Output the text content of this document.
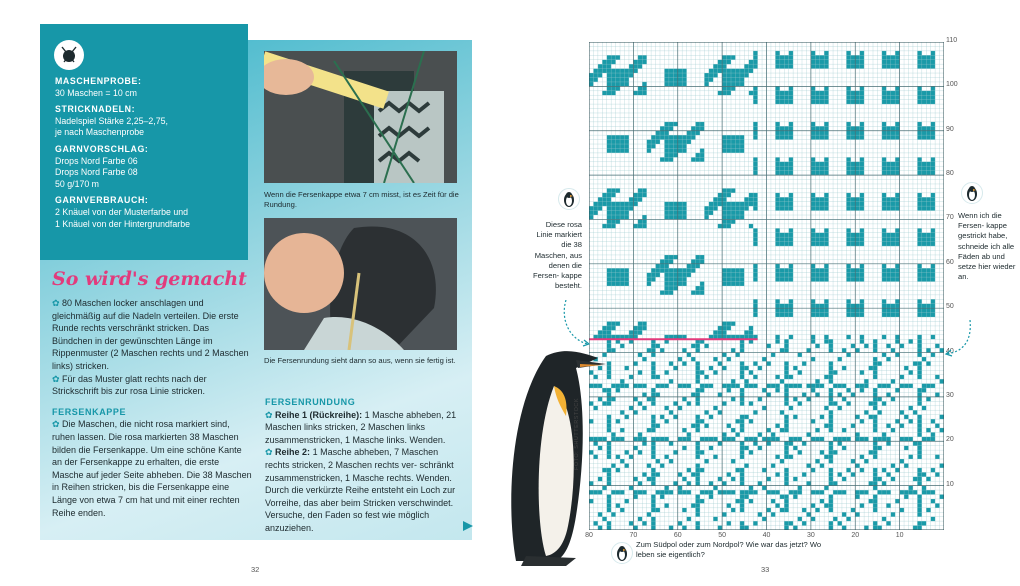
MASCHENPROBE:
30 Maschen = 10 cm
STRICKNADELN:
Nadelspiel Stärke 2,25–2,75,
je nach Maschenprobe
GARNVORSCHLAG:
Drops Nord Farbe 06
Drops Nord Farbe 08
50 g/170 m
GARNVERBRAUCH:
2 Knäuel von der Musterfarbe und
1 Knäuel von der Hintergrundfarbe
So wird's gemacht

✿ 80 Maschen locker anschlagen und gleichmäßig auf die Nadeln verteilen. Die erste Runde rechts verschränkt stricken. Das Bündchen in der gewünschten Länge im Rippenmuster (2 Maschen rechts und 2 Maschen links) stricken.

✿ Für das Muster glatt rechts nach der Strickschrift bis zur rosa Linie stricken.

FERSENKAPPE

✿ Die Maschen, die nicht rosa markiert sind, ruhen lassen. Die rosa markierten 38 Maschen bilden die Fersenkappe. Um eine schöne Kante an der Fersenkappe zu erhalten, die erste Masche auf jeder Seite abheben. Die 38 Maschen in Reihen stricken, bis die Fersenkappe eine Länge von etwa 7 cm hat und mit einer rechten Reihe enden.

Wenn die Fersenkappe etwa 7 cm misst, ist es Zeit für die Rundung.
Die Fersenrundung sieht dann so aus, wenn sie fertig ist.
FERSENRUNDUNG

✿ Reihe 1 (Rückreihe): 1 Masche abheben, 21 Maschen links stricken, 2 Maschen links zusammenstricken, 1 Masche links. Wenden.

✿ Reihe 2: 1 Masche abheben, 7 Maschen rechts stricken, 2 Maschen rechts ver- schränkt zusammenstricken, 1 Masche rechts. Wenden. Durch die verkürzte Reihe entsteht ein Loch zur Vorreihe, das aber beim Stricken verschwindet. Versuche, den Faden so fest wie möglich anzuziehen.

32
110
100
90
80
70
60
50
40
30
20
10
80	70	60	50	40	30	20	10
Diese rosa Linie markiert die 38 Maschen, aus denen die Fersen- kappe besteht.
Wenn ich die Fersen- kappe gestrickt habe, schneide ich alle Fäden ab und setze hier wieder an.
Zum Südpol oder zum Nordpol? Wie war das jetzt? Wo leben sie eigentlich?
FOTO: SHUTTERSTOCK
33
